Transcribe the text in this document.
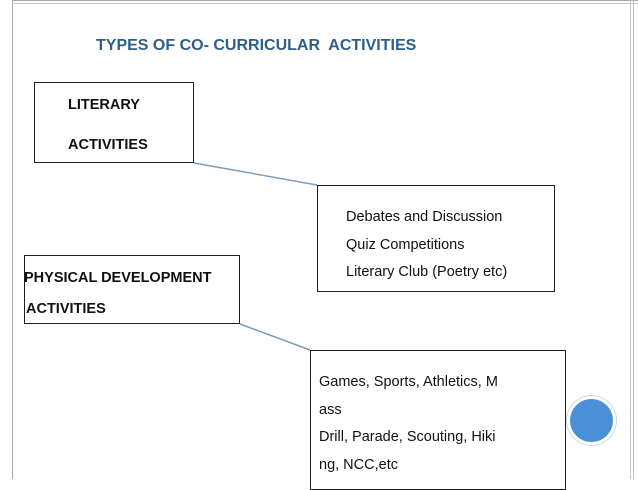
TYPES OF CO- CURRICULAR  ACTIVITIES
LITERARY
ACTIVITIES
PHYSICAL DEVELOPMENT
ACTIVITIES
Debates and Discussion
Quiz Competitions
Literary Club (Poetry etc)
Games, Sports, Athletics, M
ass
Drill, Parade, Scouting, Hiki
ng, NCC,etc
